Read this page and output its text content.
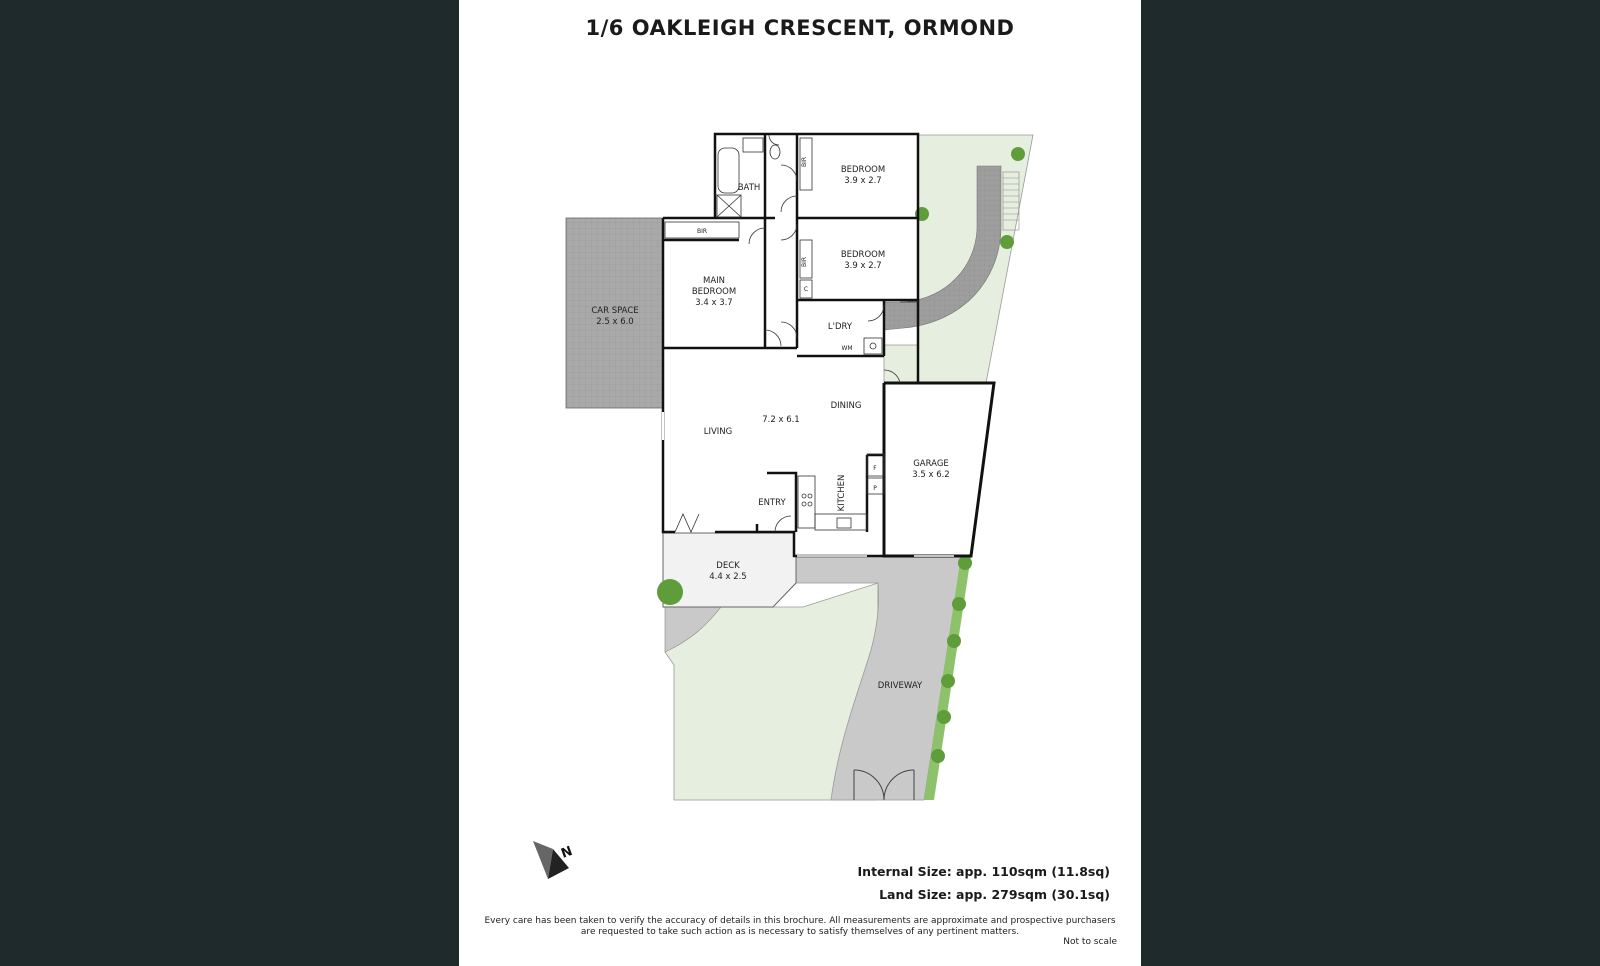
1/6 OAKLEIGH CRESCENT, ORMOND
BATH
BEDROOM
3.9 x 2.7
BEDROOM
3.9 x 2.7
MAIN
BEDROOM
3.4 x 3.7
BIR
BIR
BIR
C
L'DRY
WM
CAR SPACE
2.5 x 6.0
LIVING
7.2 x 6.1
DINING
KITCHEN
F
P
ENTRY
GARAGE
3.5 x 6.2
DECK
4.4 x 2.5
DRIVEWAY
N
Internal Size: app. 110sqm (11.8sq)
Land Size: app. 279sqm (30.1sq)
Every care has been taken to verify the accuracy of details in this brochure. All measurements are approximate and prospective purchasers
are requested to take such action as is necessary to satisfy themselves of any pertinent matters.
Not to scale
